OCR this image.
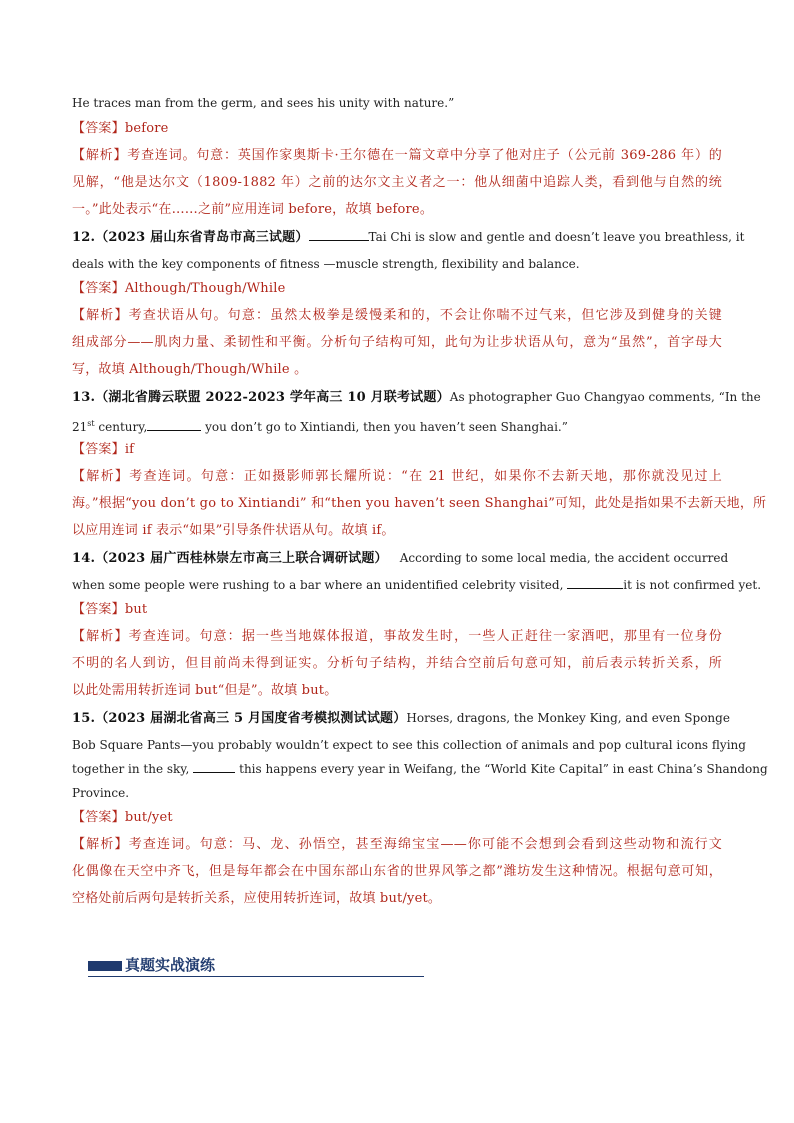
He traces man from the germ, and sees his unity with nature.”
【答案】before
【解析】考查连词。句意：英国作家奥斯卡·王尔德在一篇文章中分享了他对庄子（公元前 369-286 年）的
见解，“他是达尔文（1809-1882 年）之前的达尔文主义者之一：他从细菌中追踪人类，看到他与自然的统
一。”此处表示“在……之前”应用连词 before，故填 before。
12.（2023 届山东省青岛市高三试题）	Tai Chi is slow and gentle and doesn’t leave you breathless, it
deals with the key components of fitness —muscle strength, flexibility and balance.
【答案】Although/Though/While
【解析】考查状语从句。句意：虽然太极拳是缓慢柔和的，不会让你喘不过气来，但它涉及到健身的关键
组成部分——肌肉力量、柔韧性和平衡。分析句子结构可知，此句为让步状语从句，意为“虽然”，首字母大
写，故填 Although/Though/While 。
13.（湖北省腾云联盟 2022-2023 学年高三 10 月联考试题）As photographer Guo Changyao comments, “In the
21st century,	you don’t go to Xintiandi, then you haven’t seen Shanghai.”
【答案】if
【解析】考查连词。句意：正如摄影师郭长耀所说：“在 21 世纪，如果你不去新天地，那你就没见过上
海。”根据“you don’t go to Xintiandi” 和“then you haven’t seen Shanghai”可知，此处是指如果不去新天地，所
以应用连词 if 表示“如果”引导条件状语从句。故填 if。
14.（2023 届广西桂林崇左市高三上联合调研试题） According to some local media, the accident occurred
when some people were rushing to a bar where an unidentified celebrity visited,	it is not confirmed yet.
【答案】but
【解析】考查连词。句意：据一些当地媒体报道，事故发生时，一些人正赶往一家酒吧，那里有一位身份
不明的名人到访，但目前尚未得到证实。分析句子结构，并结合空前后句意可知，前后表示转折关系，所
以此处需用转折连词 but“但是”。故填 but。
15.（2023 届湖北省高三 5 月国度省考模拟测试试题）Horses, dragons, the Monkey King, and even Sponge
Bob Square Pants—you probably wouldn’t expect to see this collection of animals and pop cultural icons flying
together in the sky,	this happens every year in Weifang, the “World Kite Capital” in east China’s Shandong
Province.
【答案】but/yet
【解析】考查连词。句意：马、龙、孙悟空，甚至海绵宝宝——你可能不会想到会看到这些动物和流行文
化偶像在天空中齐飞，但是每年都会在中国东部山东省的世界风筝之都”潍坊发生这种情况。根据句意可知，
空格处前后两句是转折关系，应使用转折连词，故填 but/yet。
真题实战演练
